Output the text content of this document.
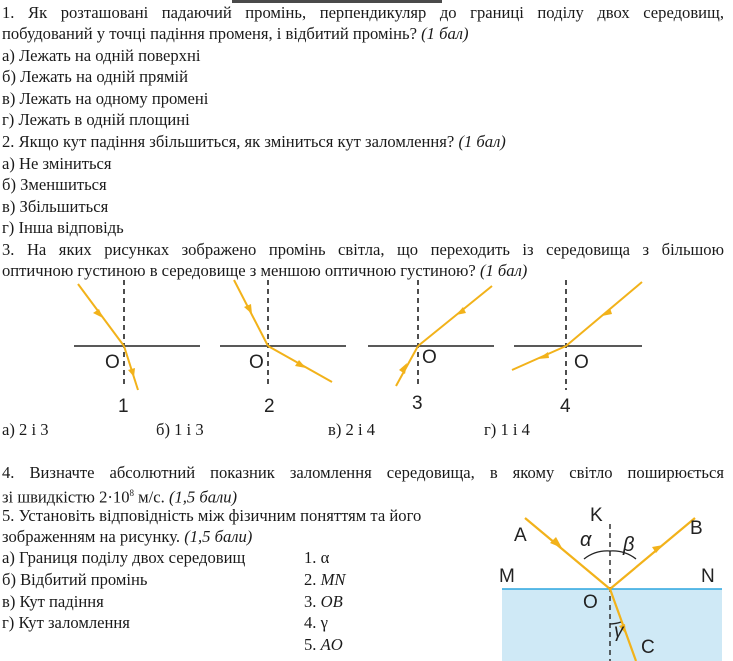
1. Як розташовані падаючий промінь, перпендикуляр до границі поділу двох середовищ,
побудований у точці падіння променя, і відбитий промінь? (1 бал)
а) Лежать на одній поверхні
б) Лежать на одній прямій
в) Лежать на одному промені
г) Лежать в одній площині
2. Якщо кут падіння збільшиться, як зміниться кут заломлення? (1 бал)
а) Не зміниться
б) Зменшиться
в) Збільшиться
г) Інша відповідь
3. На яких рисунках зображено промінь світла, що переходить із середовища з більшою
оптичною густиною в середовище з меншою оптичною густиною? (1 бал)
O
1
O
2
O
3
O
4
а) 2 і 3	б) 1 і 3	в) 2 і 4	г) 1 і 4
4. Визначте абсолютний показник заломлення середовища, в якому світло поширюється
зі швидкістю $2\cdot 10^8$ м/с. (1,5 бали)
5. Установіть відповідність між фізичним поняттям та його
зображенням на рисунку. (1,5 бали)
а) Границя поділу двох середовищ
б) Відбитий промінь
в) Кут падіння
г) Кут заломлення
1. α
2. MN
3. OB
4. γ
5. AO
K
A	B
M	N
O
C
α β
γ
